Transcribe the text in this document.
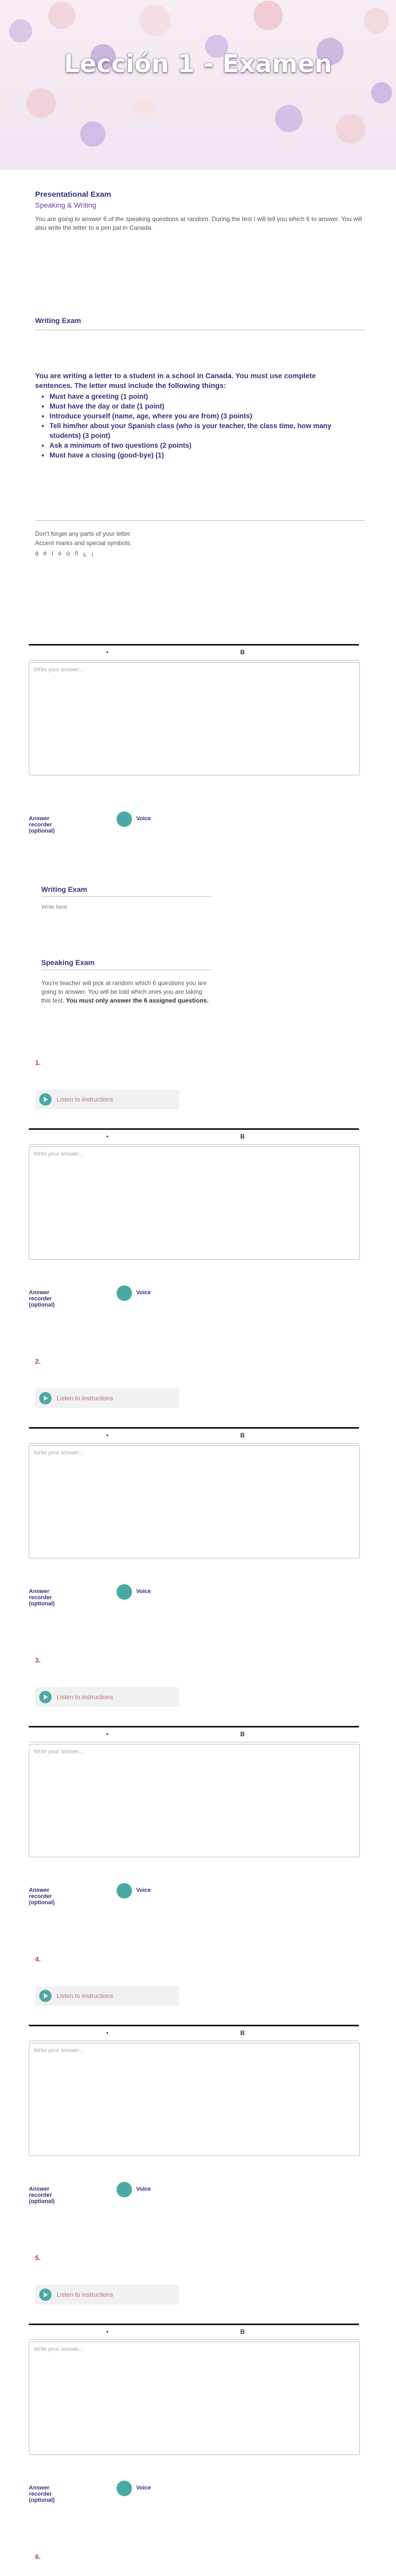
Lección 1 - Examen
Presentational Exam
Speaking & Writing

You are going to answer 6 of the speaking questions at random. During the test I will tell you which 6 to answer. You will also write the letter to a pen pal in Canada.

Writing Exam
You are writing a letter to a student in a school in Canada. You must use complete sentences. The letter must include the following things:
• Must have a greeting (1 point)
• Must have the day or date (1 point)
• Introduce yourself (name, age, where you are from) (3 points)
• Tell him/her about your Spanish class (who is your teacher, the class time, how many students) (3 point)
• Ask a minimum of two questions (2 points)
• Must have a closing (good-bye) (1)

Don't forget any parts of your letter.

Accent marks and special symbols:

á é í ó ú ñ ¿ ¡

•	B
Write your answer...
Answer recorder (optional)
Voice
Writing Exam
Write here
Speaking Exam

You're teacher will pick at random which 6 questions you are going to answer. You will be told which ones you are taking this test. You must only answer the 6 assigned questions.

1.
Listen to instructions
•	B
Write your answer...
Answer recorder (optional)
Voice
2.
Listen to instructions
•	B
Write your answer...
Answer recorder (optional)
Voice
3.
Listen to instructions
•	B
Write your answer...
Answer recorder (optional)
Voice
4.
Listen to instructions
•	B
Write your answer...
Answer recorder (optional)
Voice
5.
Listen to instructions
•	B
Write your answer...
Answer recorder (optional)
Voice
6.
